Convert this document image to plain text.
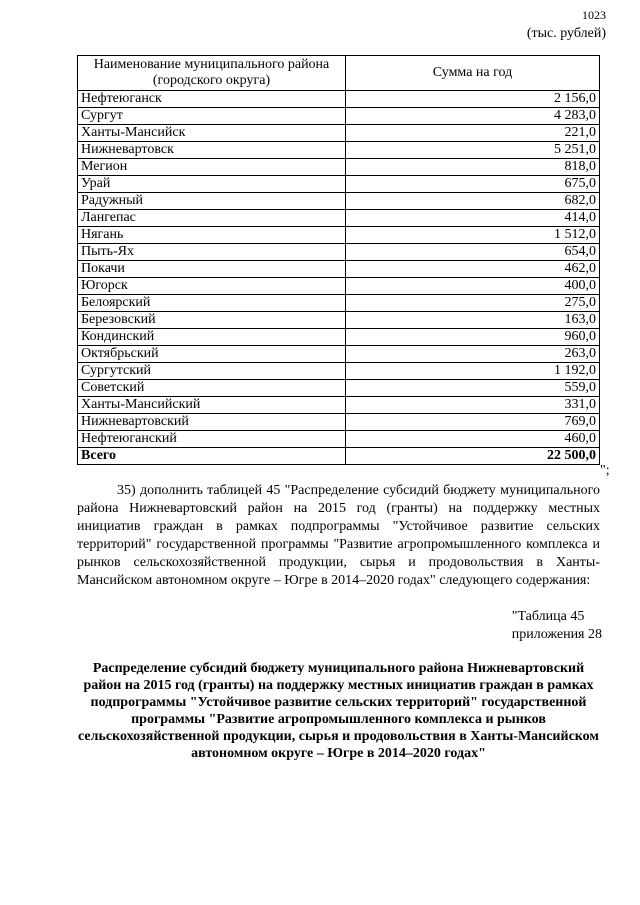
1023
(тыс. рублей)
Наименование муниципального района (городского округа)	Сумма на год
Нефтеюганск	2 156,0
Сургут	4 283,0
Ханты-Мансийск	221,0
Нижневартовск	5 251,0
Мегион	818,0
Урай	675,0
Радужный	682,0
Лангепас	414,0
Нягань	1 512,0
Пыть-Ях	654,0
Покачи	462,0
Югорск	400,0
Белоярский	275,0
Березовский	163,0
Кондинский	960,0
Октябрьский	263,0
Сургутский	1 192,0
Советский	559,0
Ханты-Мансийский	331,0
Нижневартовский	769,0
Нефтеюганский	460,0
Всего	22 500,0
";

35) дополнить таблицей 45 "Распределение субсидий бюджету муниципального района Нижневартовский район на 2015 год (гранты) на поддержку местных инициатив граждан в рамках подпрограммы "Устойчивое развитие сельских территорий" государственной программы "Развитие агропромышленного комплекса и рынков сельскохозяйственной продукции, сырья и продовольствия в Ханты-Мансийском автономном округе – Югре в 2014–2020 годах" следующего содержания:

"Таблица 45
приложения 28

Распределение субсидий бюджету муниципального района Нижневартовский район на 2015 год (гранты) на поддержку местных инициатив граждан в рамках подпрограммы "Устойчивое развитие сельских территорий" государственной программы "Развитие агропромышленного комплекса и рынков сельскохозяйственной продукции, сырья и продовольствия в Ханты-Мансийском автономном округе – Югре в 2014–2020 годах"
